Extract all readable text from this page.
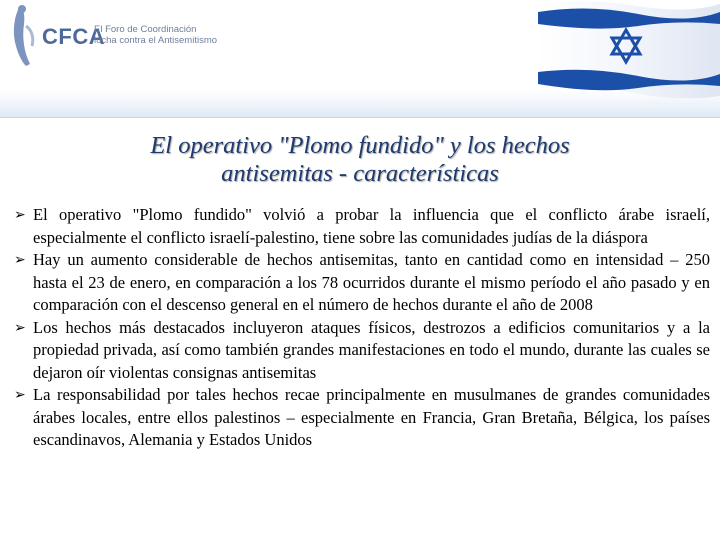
CFCA
El Foro de Coordinación
lucha contra el Antisemitismo
El operativo "Plomo fundido" y los hechos
antisemitas - características
➢ El operativo "Plomo fundido" volvió a probar la influencia que el conflicto árabe israelí, especialmente el conflicto israelí-palestino, tiene sobre las comunidades judías de la diáspora
➢ Hay un aumento considerable de hechos antisemitas, tanto en cantidad como en intensidad – 250 hasta el 23 de enero, en comparación a los 78 ocurridos durante el mismo período el año pasado y en comparación con el descenso general en el número de hechos durante el año de 2008
➢ Los hechos más destacados incluyeron ataques físicos, destrozos a edificios comunitarios y a la propiedad privada, así como también grandes manifestaciones en todo el mundo, durante las cuales se dejaron oír violentas consignas antisemitas
➢ La responsabilidad por tales hechos recae principalmente en musulmanes de grandes comunidades árabes locales, entre ellos palestinos – especialmente en Francia, Gran Bretaña, Bélgica, los países escandinavos, Alemania y Estados Unidos
